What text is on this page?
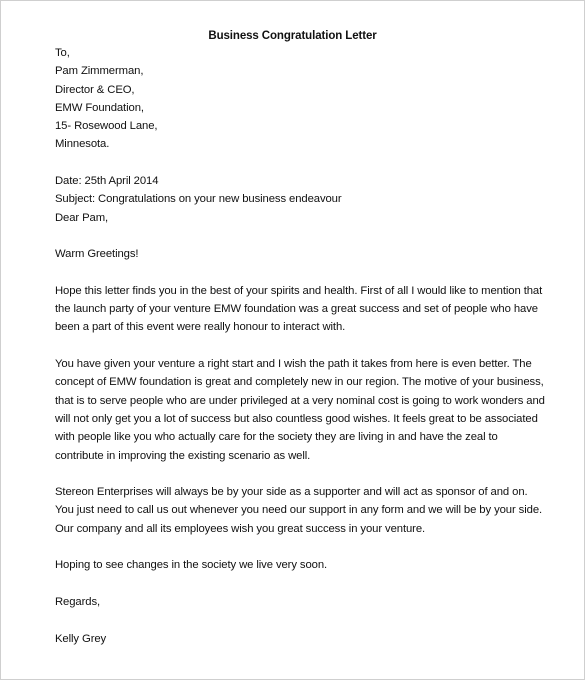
Business Congratulation Letter
To,
Pam Zimmerman,
Director & CEO,
EMW Foundation,
15- Rosewood Lane,
Minnesota.
Date: 25th April 2014
Subject: Congratulations on your new business endeavour
Dear Pam,
Warm Greetings!
Hope this letter finds you in the best of your spirits and health. First of all I would like to mention that
the launch party of your venture EMW foundation was a great success and set of people who have
been a part of this event were really honour to interact with.
You have given your venture a right start and I wish the path it takes from here is even better. The
concept of EMW foundation is great and completely new in our region. The motive of your business,
that is to serve people who are under privileged at a very nominal cost is going to work wonders and
will not only get you a lot of success but also countless good wishes. It feels great to be associated
with people like you who actually care for the society they are living in and have the zeal to
contribute in improving the existing scenario as well.
Stereon Enterprises will always be by your side as a supporter and will act as sponsor of and on.
You just need to call us out whenever you need our support in any form and we will be by your side.
Our company and all its employees wish you great success in your venture.
Hoping to see changes in the society we live very soon.
Regards,
Kelly Grey
